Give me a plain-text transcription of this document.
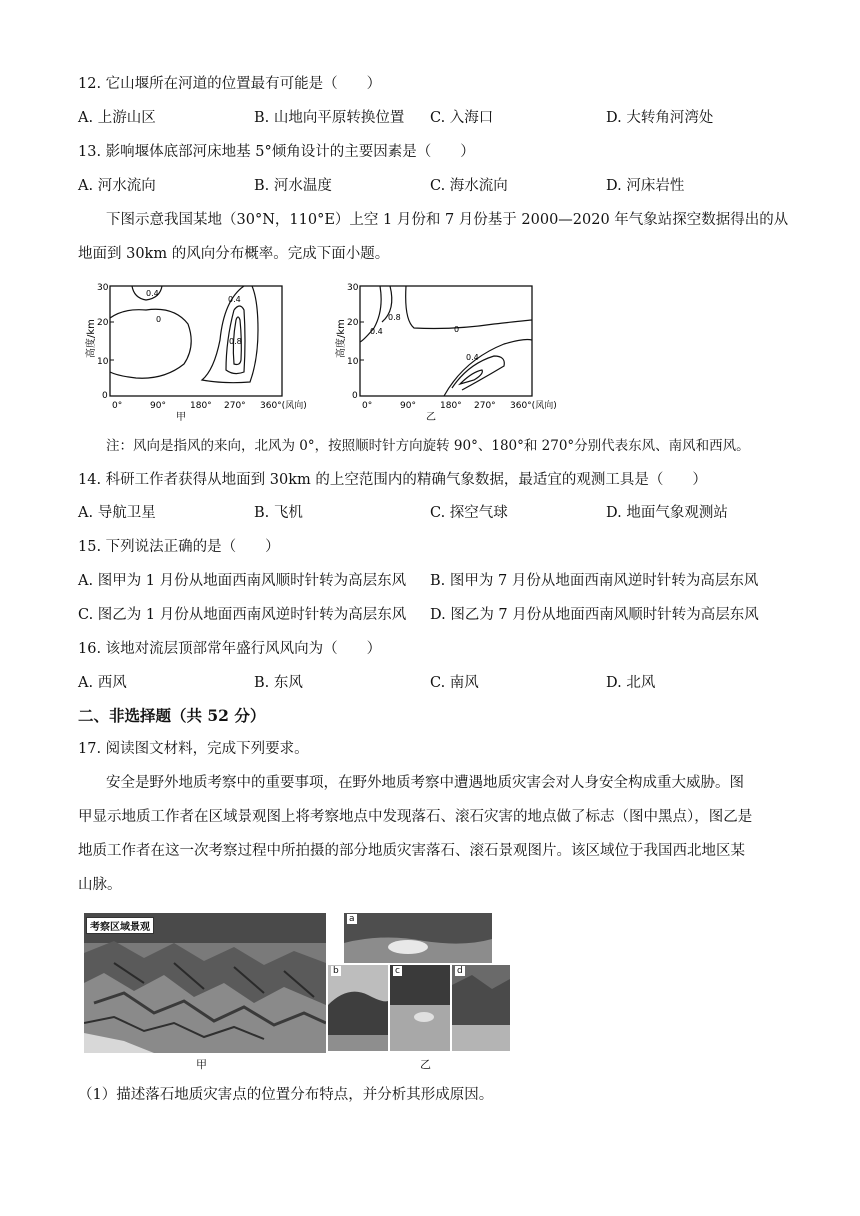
12. 它山堰所在河道的位置最有可能是（　　）
A. 上游山区	B. 山地向平原转换位置 C. 入海口	D. 大转角河湾处
13. 影响堰体底部河床地基 5°倾角设计的主要因素是（　　）
A. 河水流向	B. 河水温度	C. 海水流向	D. 河床岩性
下图示意我国某地（30°N，110°E）上空 1 月份和 7 月份基于 2000—2020 年气象站探空数据得出的从
地面到 30km 的风向分布概率。完成下面小题。
高度/km
30
20
10
0
0°	90°	180° 270° 360°(风向)
甲
0.4
0
0.4
0.8	高度/km
30
20
10
0
0°	90°	180° 270° 360°(风向)
乙
0.8
0.4	0
0.4
注：风向是指风的来向，北风为 0°，按照顺时针方向旋转 90°、180°和 270°分别代表东风、南风和西风。
14. 科研工作者获得从地面到 30km 的上空范围内的精确气象数据，最适宜的观测工具是（　　）
A. 导航卫星	B. 飞机	C. 探空气球	D. 地面气象观测站
15. 下列说法正确的是（　　）
A. 图甲为 1 月份从地面西南风顺时针转为高层东风 B. 图甲为 7 月份从地面西南风逆时针转为高层东风
C. 图乙为 1 月份从地面西南风逆时针转为高层东风 D. 图乙为 7 月份从地面西南风顺时针转为高层东风
16. 该地对流层顶部常年盛行风风向为（　　）
A. 西风	B. 东风	C. 南风	D. 北风
二、非选择题（共 52 分）
17. 阅读图文材料，完成下列要求。
安全是野外地质考察中的重要事项，在野外地质考察中遭遇地质灾害会对人身安全构成重大威胁。图
甲显示地质工作者在区域景观图上将考察地点中发现落石、滚石灾害的地点做了标志（图中黑点），图乙是
地质工作者在这一次考察过程中所拍摄的部分地质灾害落石、滚石景观图片。该区域位于我国西北地区某
山脉。
考察区域景观
甲
a
b	c	d
乙
（1）描述落石地质灾害点的位置分布特点，并分析其形成原因。
